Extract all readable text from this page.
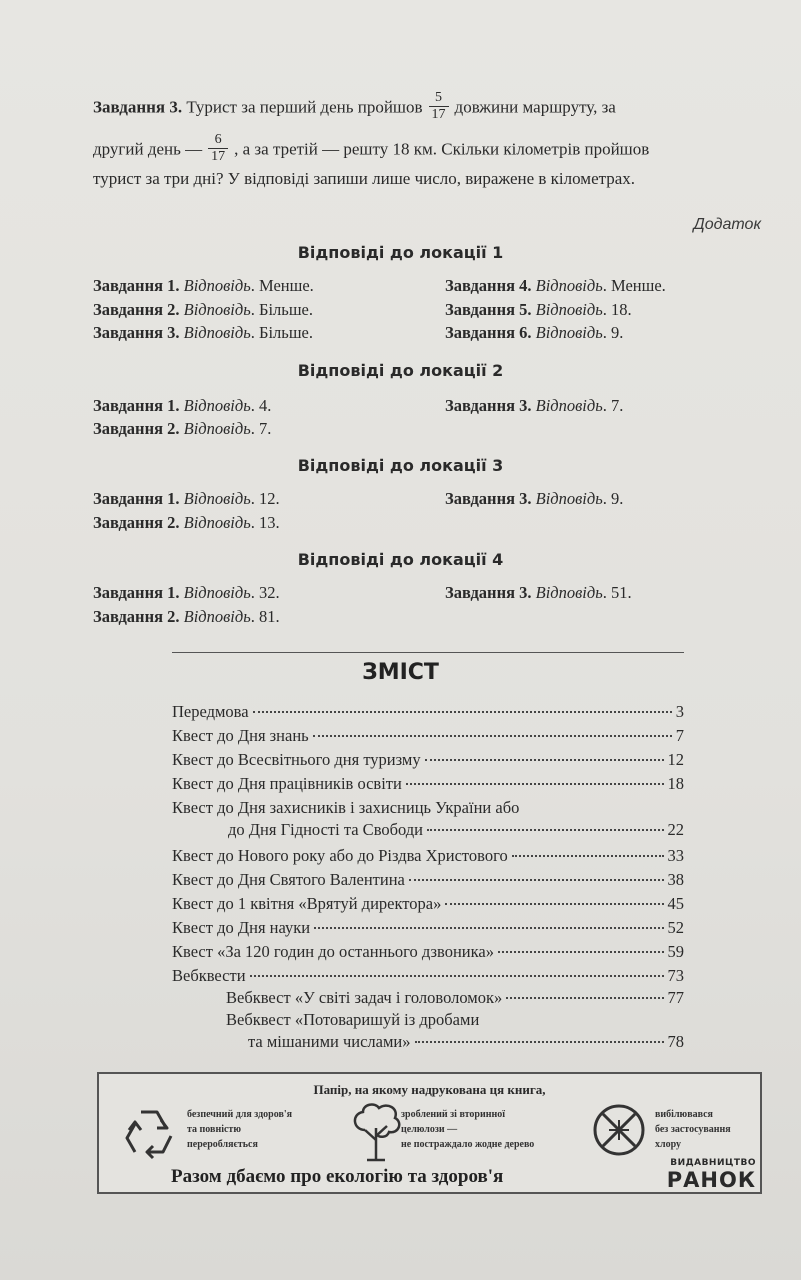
Завдання 3. Турист за перший день пройшов $\frac{5}{17}$ довжини маршруту, за
другий день — $\frac{6}{17}$ , а за третій — решту 18 км. Скільки кілометрів пройшов
турист за три дні? У відповіді запиши лише число, виражене в кілометрах.
Додаток
Відповіді до локації 1
Завдання 1. Відповідь. Менше.
Завдання 2. Відповідь. Більше.
Завдання 3. Відповідь. Більше.
Завдання 4. Відповідь. Менше.
Завдання 5. Відповідь. 18.
Завдання 6. Відповідь. 9.
Відповіді до локації 2
Завдання 1. Відповідь. 4.
Завдання 2. Відповідь. 7.
Завдання 3. Відповідь. 7.
Відповіді до локації 3
Завдання 1. Відповідь. 12.
Завдання 2. Відповідь. 13.
Завдання 3. Відповідь. 9.
Відповіді до локації 4
Завдання 1. Відповідь. 32.
Завдання 2. Відповідь. 81.
Завдання 3. Відповідь. 51.
ЗМІСТ
Передмова	3
Квест до Дня знань	7
Квест до Всесвітнього дня туризму	12
Квест до Дня працівників освіти	18
Квест до Дня захисників і захисниць України або
до Дня Гідності та Свободи	22
Квест до Нового року або до Різдва Христового	33
Квест до Дня Святого Валентина	38
Квест до 1 квітня «Врятуй директора»	45
Квест до Дня науки	52
Квест «За 120 годин до останнього дзвоника»	59
Вебквести	73
Вебквест «У світі задач і головоломок»	77
Вебквест «Потоваришуй із дробами
та мішаними числами»	78
Папір, на якому надрукована ця книга,
безпечний для здоров'я
та повністю
переробляється
зроблений зі вторинної
целюлози —
не постраждало жодне дерево
вибілювався
без застосування
хлору
Разом дбаємо про екологію та здоров'я
ВИДАВНИЦТВО
РАНОК
